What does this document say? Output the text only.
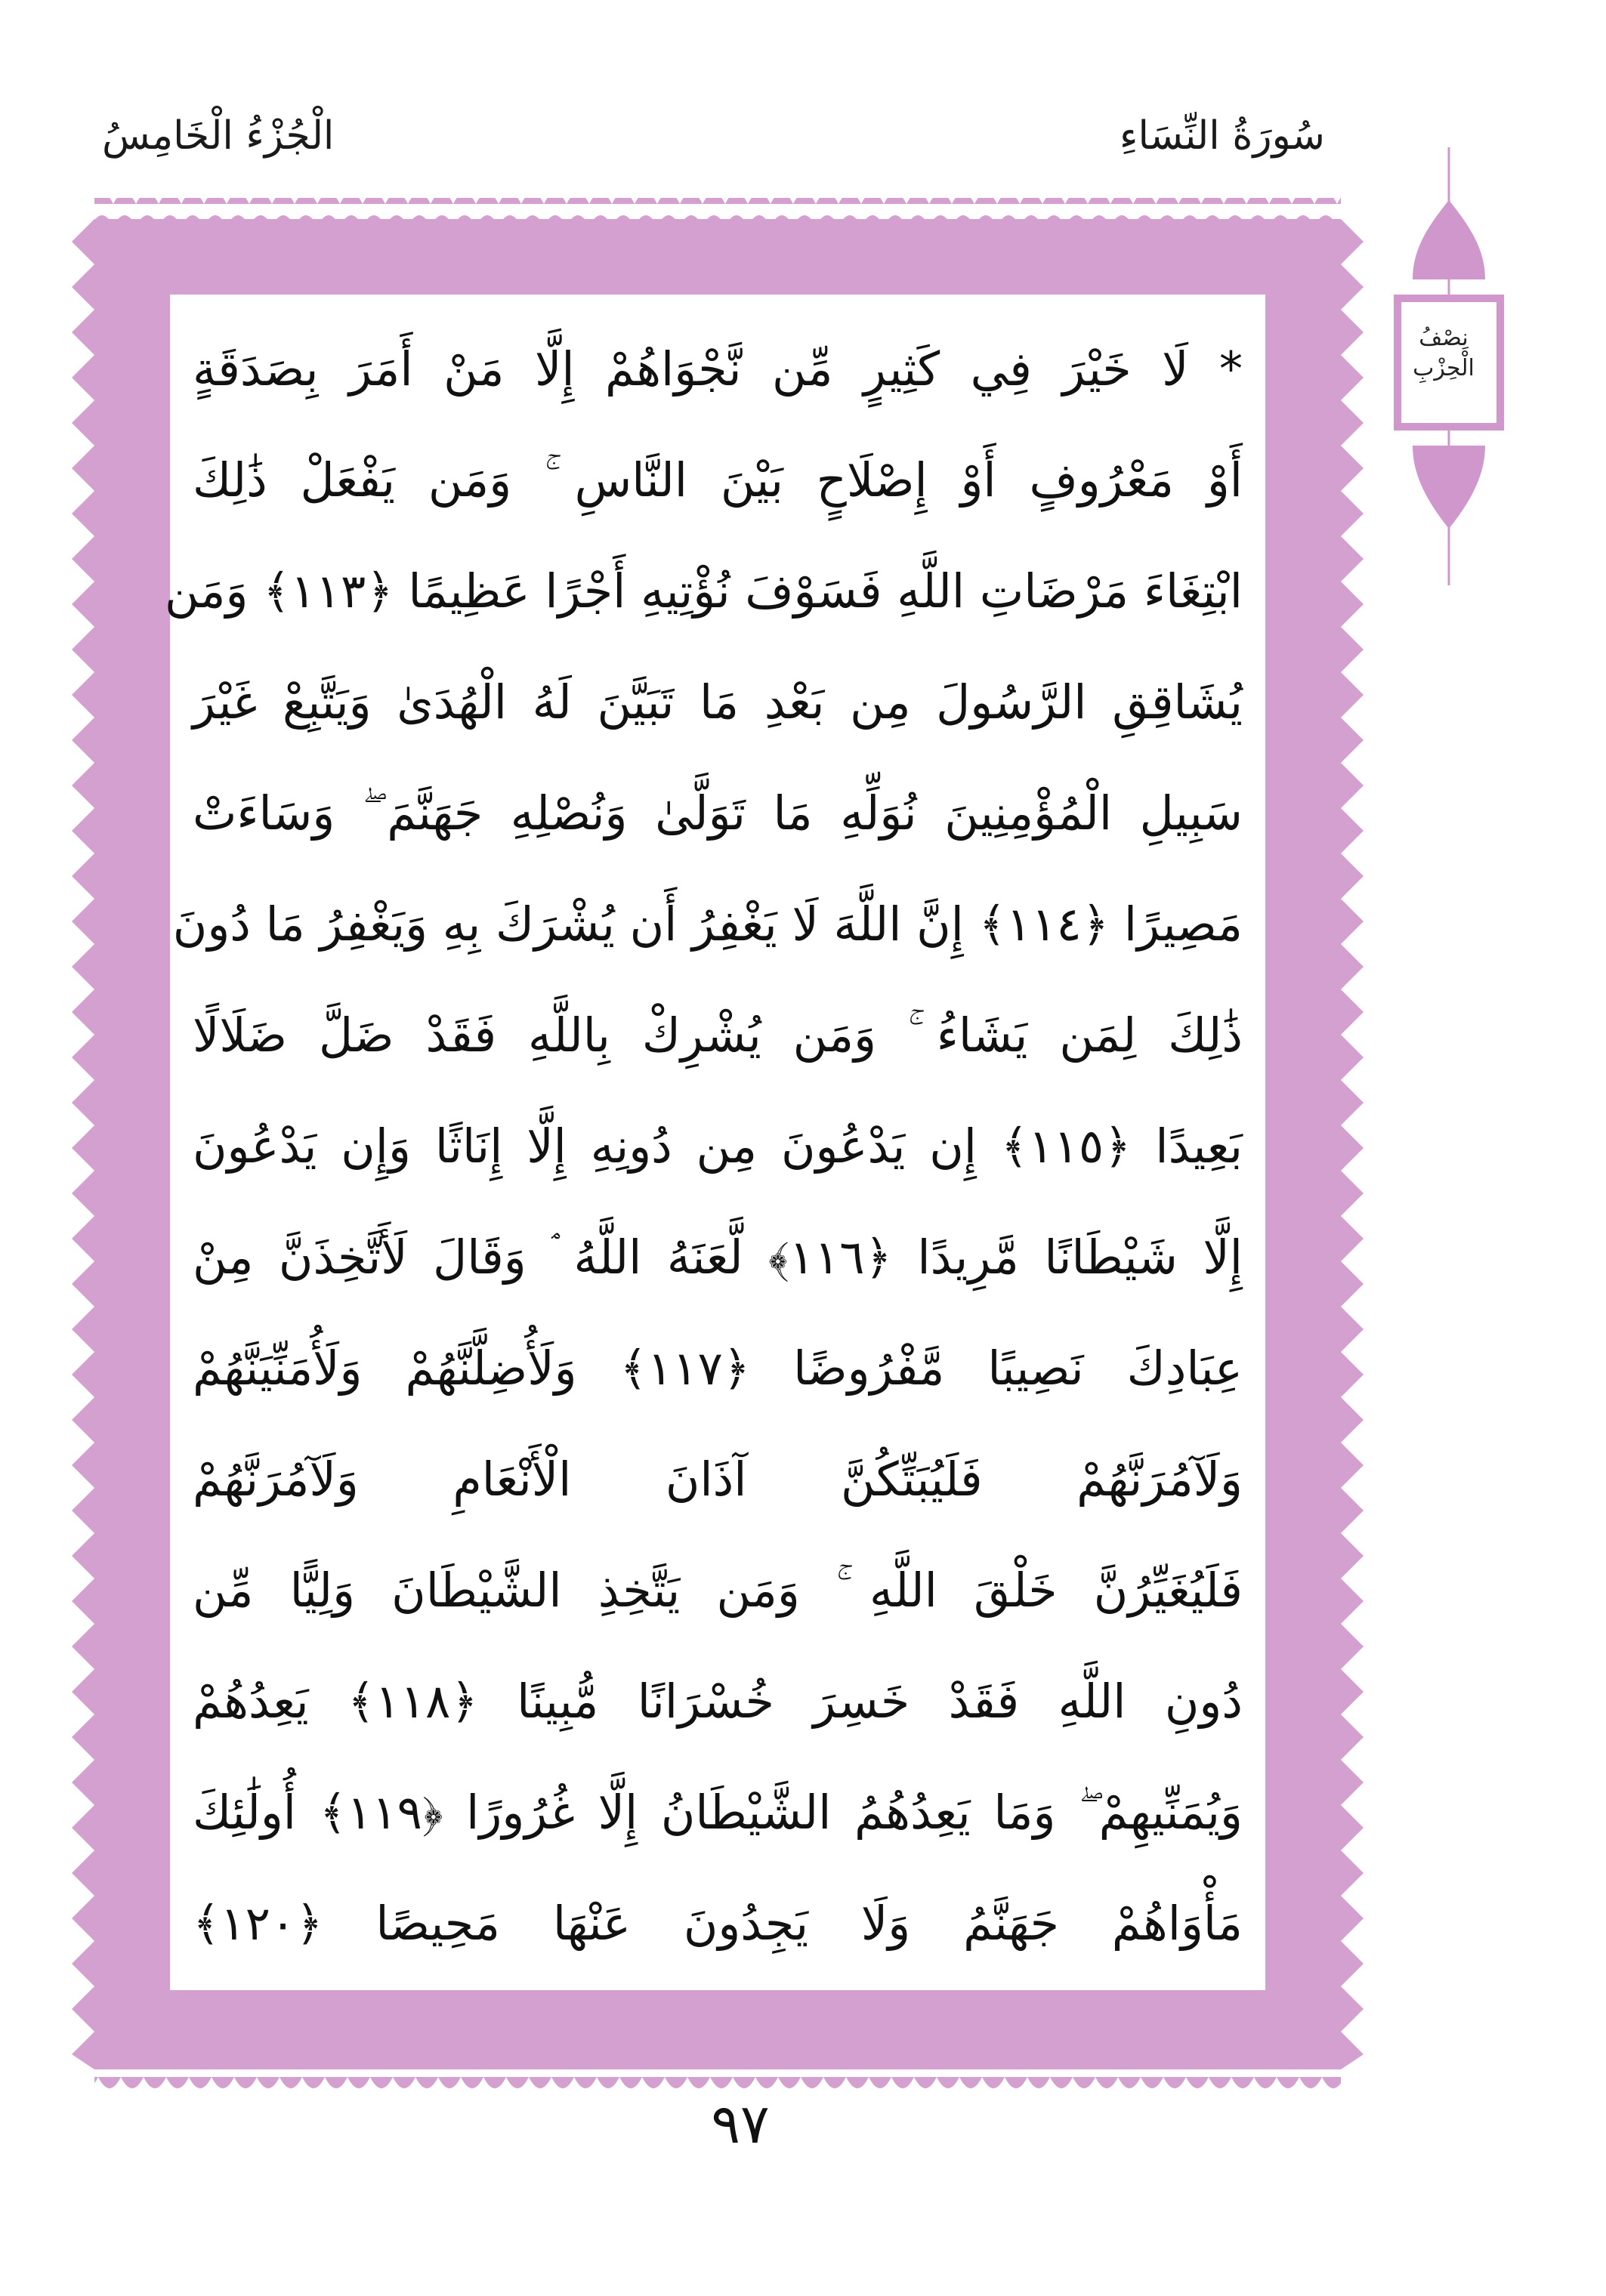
الْجُزْءُ الْخَامِسُ	سُورَةُ النِّسَاءِ
نِصْفُ الْحِزْبِ
* لَا خَيْرَ فِي كَثِيرٍ مِّن نَّجْوَاهُمْ إِلَّا مَنْ أَمَرَ بِصَدَقَةٍ
أَوْ مَعْرُوفٍ أَوْ إِصْلَاحٍ بَيْنَ النَّاسِ ۚ وَمَن يَفْعَلْ ذَٰلِكَ
ابْتِغَاءَ مَرْضَاتِ اللَّهِ فَسَوْفَ نُؤْتِيهِ أَجْرًا عَظِيمًا ﴿١١٣﴾ وَمَن
يُشَاقِقِ الرَّسُولَ مِن بَعْدِ مَا تَبَيَّنَ لَهُ الْهُدَىٰ وَيَتَّبِعْ غَيْرَ
سَبِيلِ الْمُؤْمِنِينَ نُوَلِّهِ مَا تَوَلَّىٰ وَنُصْلِهِ جَهَنَّمَ ۖ وَسَاءَتْ
مَصِيرًا ﴿١١٤﴾ إِنَّ اللَّهَ لَا يَغْفِرُ أَن يُشْرَكَ بِهِ وَيَغْفِرُ مَا دُونَ
ذَٰلِكَ لِمَن يَشَاءُ ۚ وَمَن يُشْرِكْ بِاللَّهِ فَقَدْ ضَلَّ ضَلَالًا
بَعِيدًا ﴿١١٥﴾ إِن يَدْعُونَ مِن دُونِهِ إِلَّا إِنَاثًا وَإِن يَدْعُونَ
إِلَّا شَيْطَانًا مَّرِيدًا ﴿١١٦﴾ لَّعَنَهُ اللَّهُ ۘ وَقَالَ لَأَتَّخِذَنَّ مِنْ
عِبَادِكَ نَصِيبًا مَّفْرُوضًا ﴿١١٧﴾ وَلَأُضِلَّنَّهُمْ وَلَأُمَنِّيَنَّهُمْ
وَلَآمُرَنَّهُمْ فَلَيُبَتِّكُنَّ آذَانَ الْأَنْعَامِ وَلَآمُرَنَّهُمْ
فَلَيُغَيِّرُنَّ خَلْقَ اللَّهِ ۚ وَمَن يَتَّخِذِ الشَّيْطَانَ وَلِيًّا مِّن
دُونِ اللَّهِ فَقَدْ خَسِرَ خُسْرَانًا مُّبِينًا ﴿١١٨﴾ يَعِدُهُمْ
وَيُمَنِّيهِمْ ۖ وَمَا يَعِدُهُمُ الشَّيْطَانُ إِلَّا غُرُورًا ﴿١١٩﴾ أُولَٰئِكَ
مَأْوَاهُمْ جَهَنَّمُ وَلَا يَجِدُونَ عَنْهَا مَحِيصًا ﴿١٢٠﴾
٩٧
